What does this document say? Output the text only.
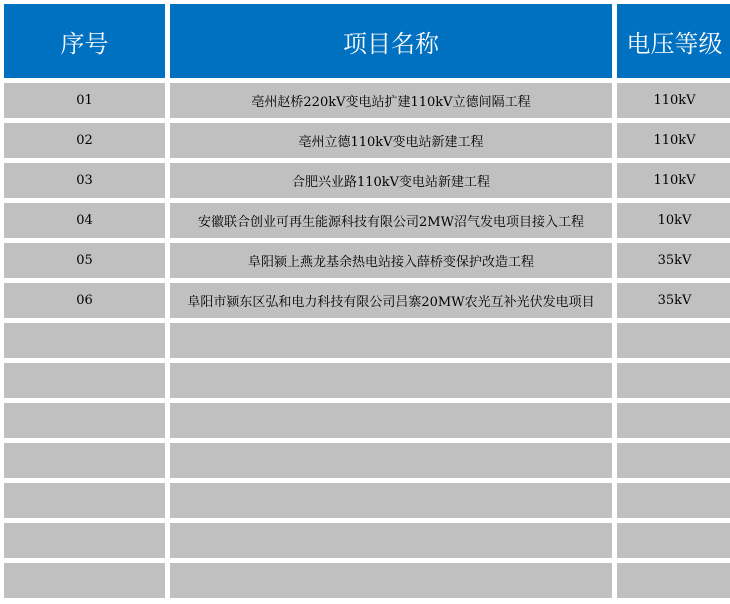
序号	项目名称	电压等级
01	亳州赵桥220kV变电站扩建110kV立德间隔工程	110kV
02	亳州立德110kV变电站新建工程	110kV
03	合肥兴业路110kV变电站新建工程	110kV
04	安徽联合创业可再生能源科技有限公司2MW沼气发电项目接入工程	10kV
05	阜阳颍上燕龙基余热电站接入薛桥变保护改造工程	35kV
06	阜阳市颍东区弘和电力科技有限公司吕寨20MW农光互补光伏发电项目	35kV
